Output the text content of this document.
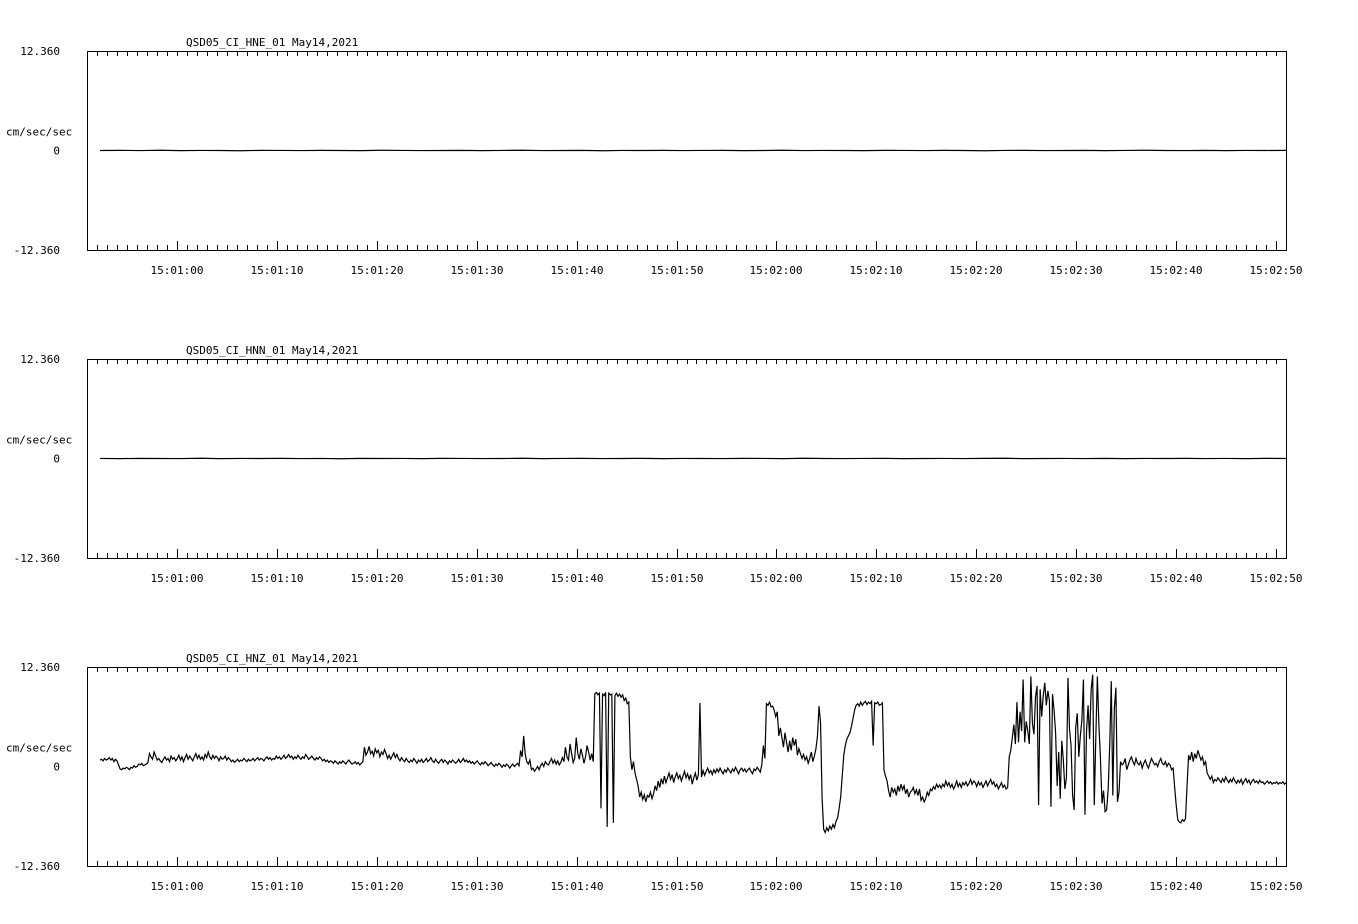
QSD05_CI_HNE_01 May14,2021
12.360
0
-12.360
cm/sec/sec
15:01:00	15:01:10	15:01:20	15:01:30	15:01:40	15:01:50	15:02:00	15:02:10	15:02:20	15:02:30	15:02:40	15:02:50
QSD05_CI_HNN_01 May14,2021
12.360
0
-12.360
cm/sec/sec
15:01:00	15:01:10	15:01:20	15:01:30	15:01:40	15:01:50	15:02:00	15:02:10	15:02:20	15:02:30	15:02:40	15:02:50
QSD05_CI_HNZ_01 May14,2021
12.360
0
-12.360
cm/sec/sec
15:01:00	15:01:10	15:01:20	15:01:30	15:01:40	15:01:50	15:02:00	15:02:10	15:02:20	15:02:30	15:02:40	15:02:50
